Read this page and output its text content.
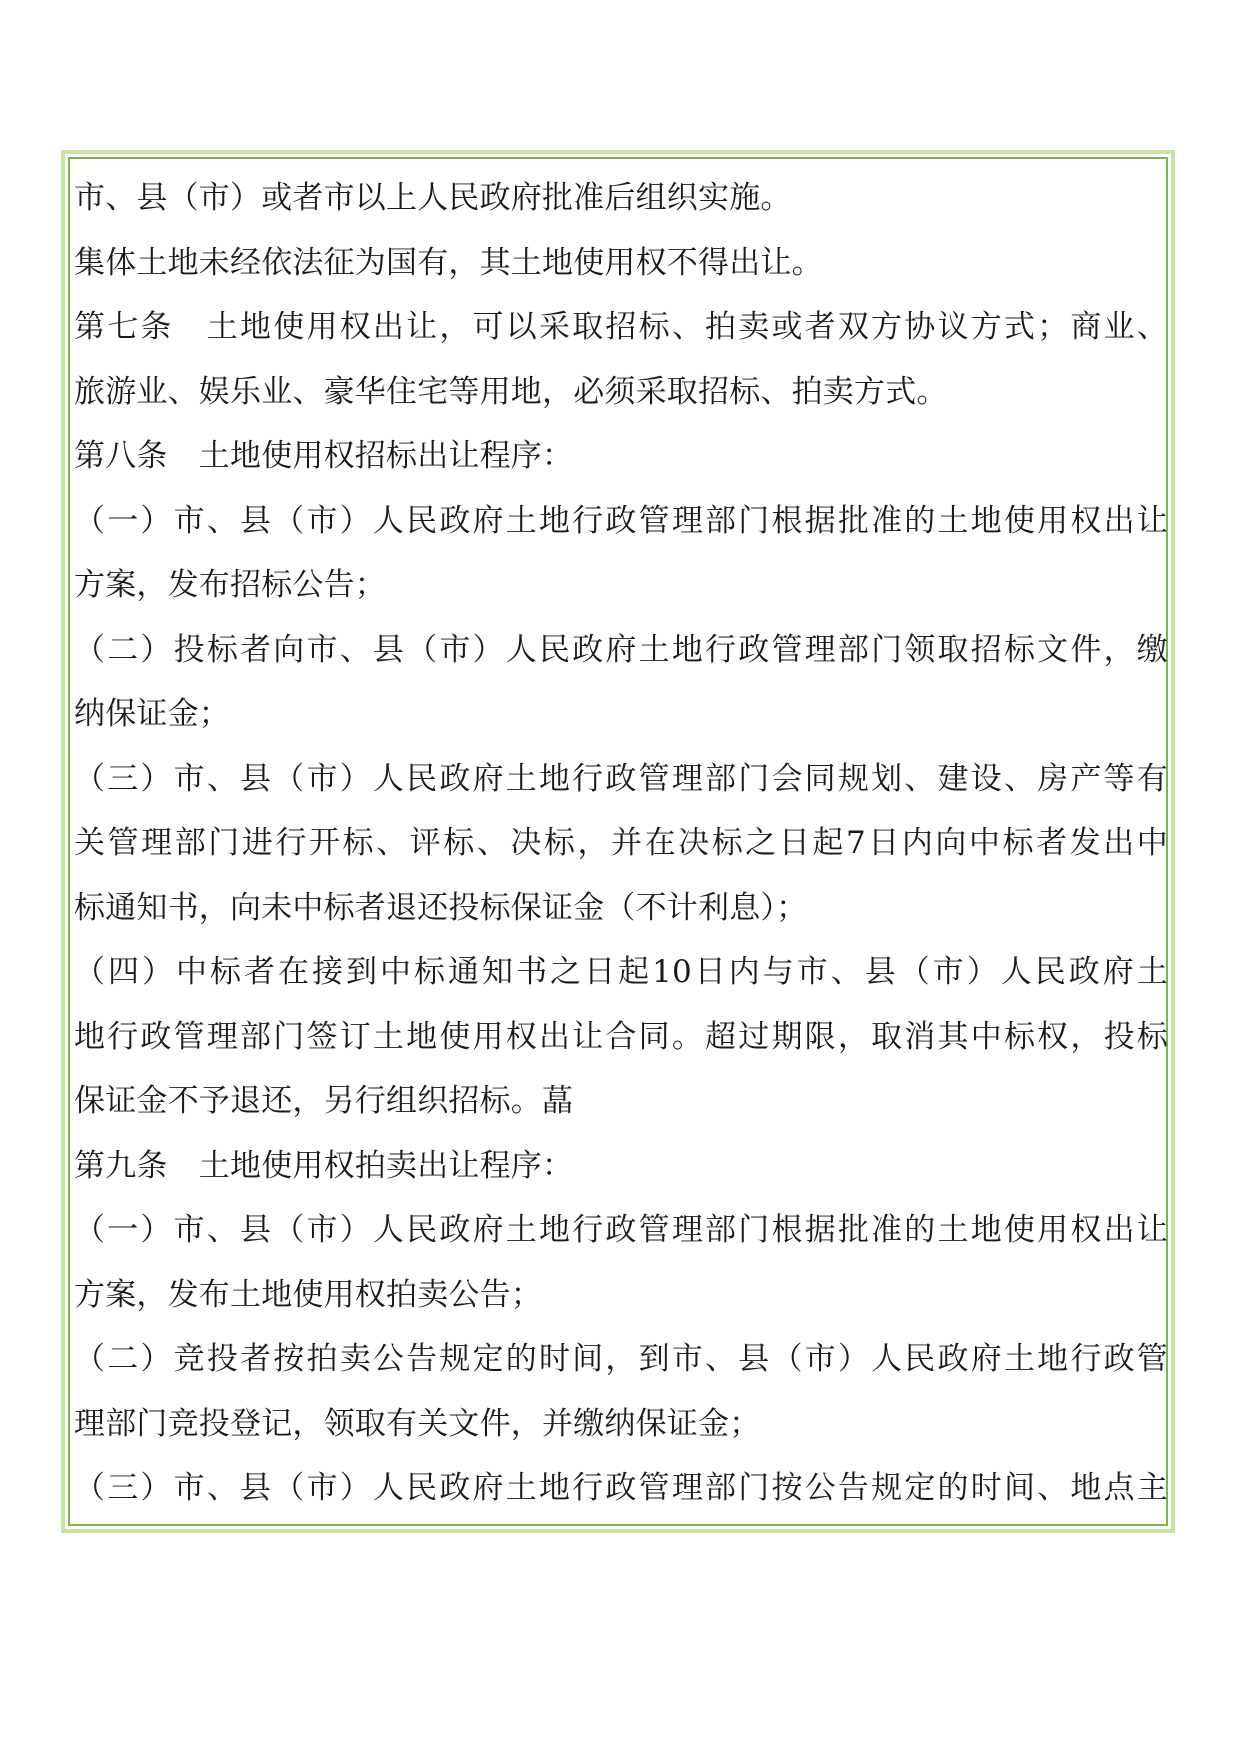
市、县（市）或者市以上人民政府批准后组织实施。
集体土地未经依法征为国有，其土地使用权不得出让。
第七条　土地使用权出让，可以采取招标、拍卖或者双方协议方式；商业、
旅游业、娱乐业、豪华住宅等用地，必须采取招标、拍卖方式。
第八条　土地使用权招标出让程序：
（一）市、县（市）人民政府土地行政管理部门根据批准的土地使用权出让
方案，发布招标公告；
（二）投标者向市、县（市）人民政府土地行政管理部门领取招标文件，缴
纳保证金；
（三）市、县（市）人民政府土地行政管理部门会同规划、建设、房产等有
关管理部门进行开标、评标、决标，并在决标之日起7日内向中标者发出中
标通知书，向未中标者退还投标保证金（不计利息）；
（四）中标者在接到中标通知书之日起10日内与市、县（市）人民政府土
地行政管理部门签订土地使用权出让合同。超过期限，取消其中标权，投标
保证金不予退还，另行组织招标。蕌
第九条　土地使用权拍卖出让程序：
（一）市、县（市）人民政府土地行政管理部门根据批准的土地使用权出让
方案，发布土地使用权拍卖公告；
（二）竞投者按拍卖公告规定的时间，到市、县（市）人民政府土地行政管
理部门竞投登记，领取有关文件，并缴纳保证金；
（三）市、县（市）人民政府土地行政管理部门按公告规定的时间、地点主
